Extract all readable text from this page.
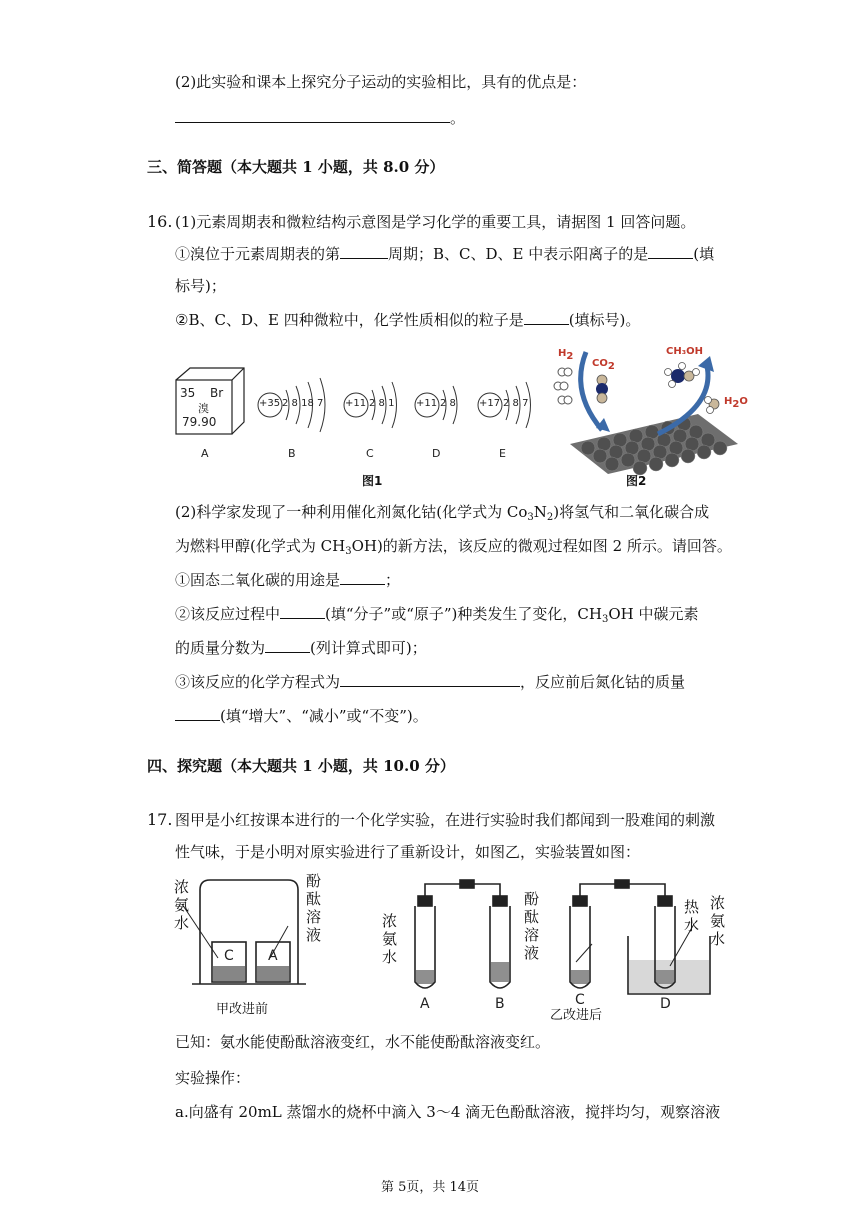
(2)此实验和课本上探究分子运动的实验相比，具有的优点是：
。
三、简答题（本大题共 1 小题，共 8.0 分）
16. (1)元素周期表和微粒结构示意图是学习化学的重要工具，请据图 1 回答问题。
①溴位于元素周期表的第	周期；B、C、D、E 中表示阳离子的是	(填
标号)；
②B、C、D、E 四种微粒中，化学性质相似的粒子是	(填标号)。
35 Br
溴
79.90
A
+35 2 8 18 7
B
+11 2 8 1
C
+11 2 8
D
+17 2 8 7
E
图1
$H_2$
$CO_2$
CH₃OH
$H_2O$
图2
(2)科学家发现了一种利用催化剂氮化钴(化学式为 $Co_3N_2$)将氢气和二氧化碳合成
为燃料甲醇(化学式为 $CH_3OH$)的新方法，该反应的微观过程如图 2 所示。请回答。
①固态二氧化碳的用途是	；
②该反应过程中	(填“分子”或“原子”)种类发生了变化，$CH_3OH$ 中碳元素
的质量分数为	(列计算式即可)；
③该反应的化学方程式为	，反应前后氮化钴的质量
(填“增大”、“减小”或“不变”)。
四、探究题（本大题共 1 小题，共 10.0 分）
17. 图甲是小红按课本进行的一个化学实验，在进行实验时我们都闻到一股难闻的刺激
性气味，于是小明对原实验进行了重新设计，如图乙，实验装置如图：
浓氨水
酚酞溶液
C A
甲改进前
浓氨水
酚酞溶液
热水
浓氨水
A	B	C	D
乙改进后
已知：氨水能使酚酞溶液变红，水不能使酚酞溶液变红。
实验操作：
a.向盛有 20mL 蒸馏水的烧杯中滴入 3～4 滴无色酚酞溶液，搅拌均匀，观察溶液
第 5页，共 14页
